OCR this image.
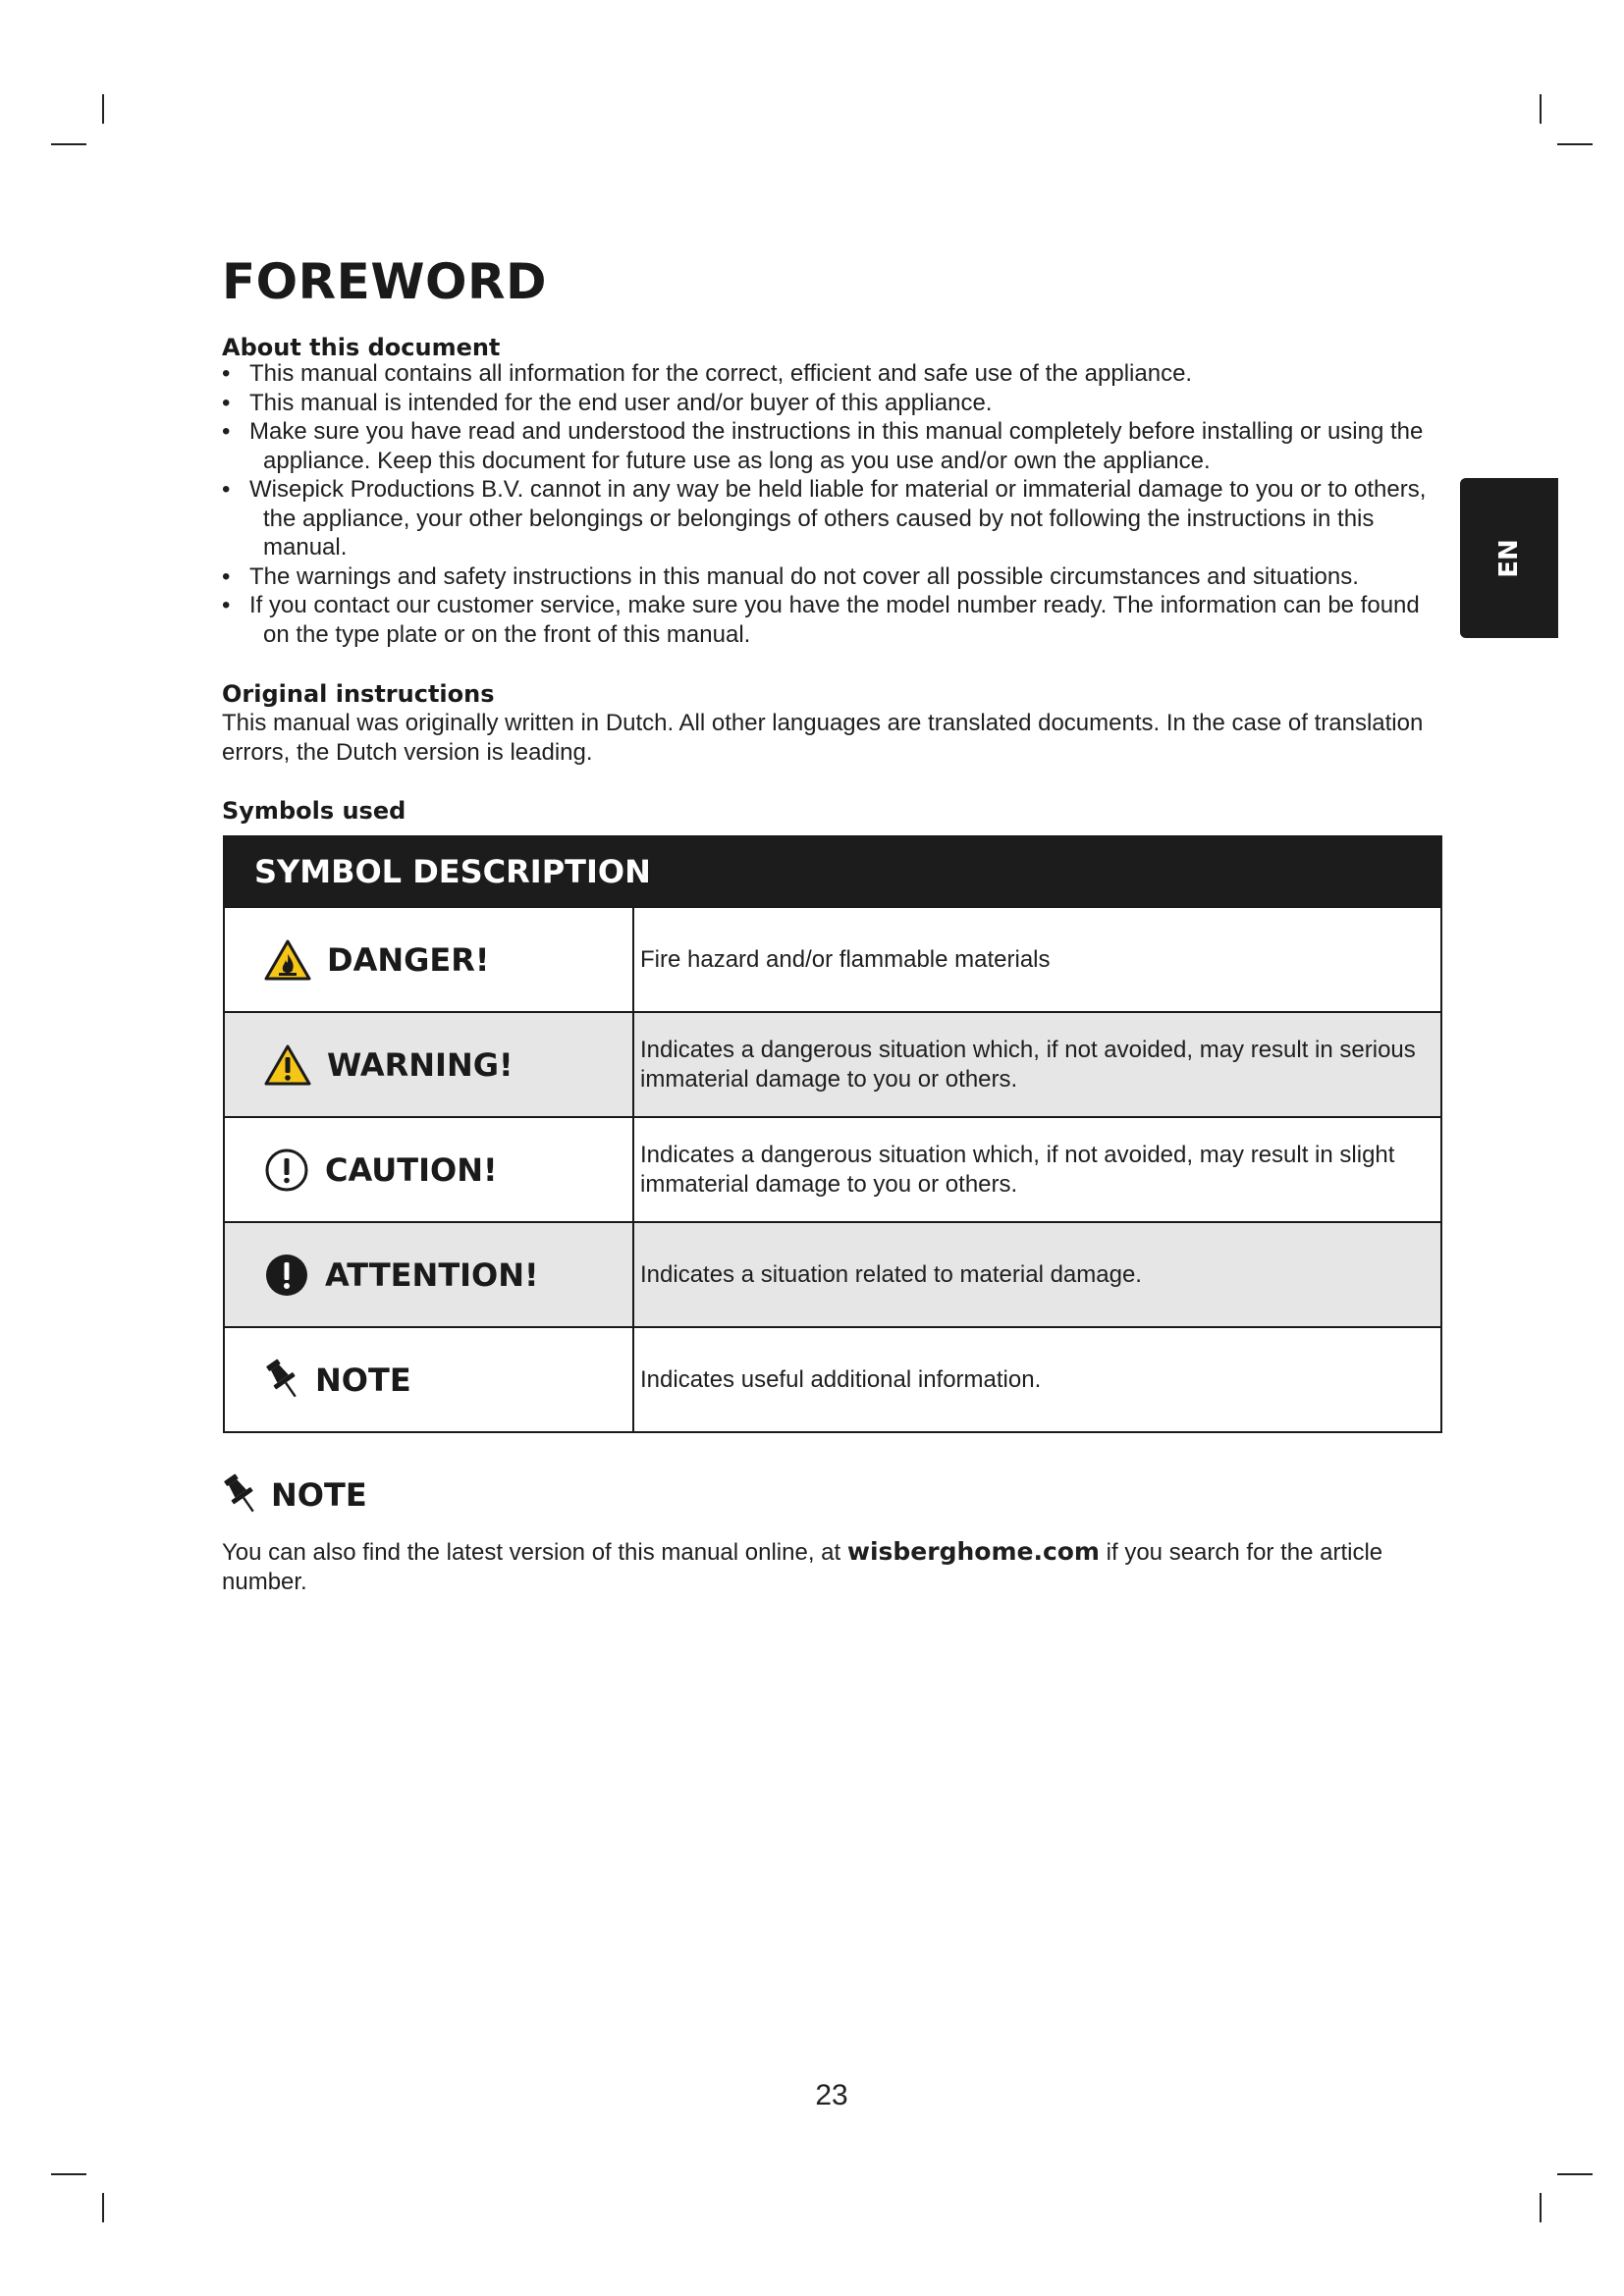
FOREWORD
EN
About this document
• This manual contains all information for the correct, efficient and safe use of the appliance.
• This manual is intended for the end user and/or buyer of this appliance.
• Make sure you have read and understood the instructions in this manual completely before installing or using the appliance. Keep this document for future use as long as you use and/or own the appliance.
• Wisepick Productions B.V. cannot in any way be held liable for material or immaterial damage to you or to others, the appliance, your other belongings or belongings of others caused by not following the instructions in this manual.
• The warnings and safety instructions in this manual do not cover all possible circumstances and situations.
• If you contact our customer service, make sure you have the model number ready. The information can be found on the type plate or on the front of this manual.
Original instructions

This manual was originally written in Dutch. All other languages are translated documents. In the case of translation errors, the Dutch version is leading.

Symbols used
SYMBOL DESCRIPTION
DANGER!	Fire hazard and/or flammable materials
WARNING!	Indicates a dangerous situation which, if not avoided, may result in serious immaterial damage to you or others.
CAUTION!	Indicates a dangerous situation which, if not avoided, may result in slight immaterial damage to you or others.
ATTENTION!	Indicates a situation related to material damage.
NOTE	Indicates useful additional information.
NOTE

You can also find the latest version of this manual online, at wisberghome.com if you search for the article number.

23
